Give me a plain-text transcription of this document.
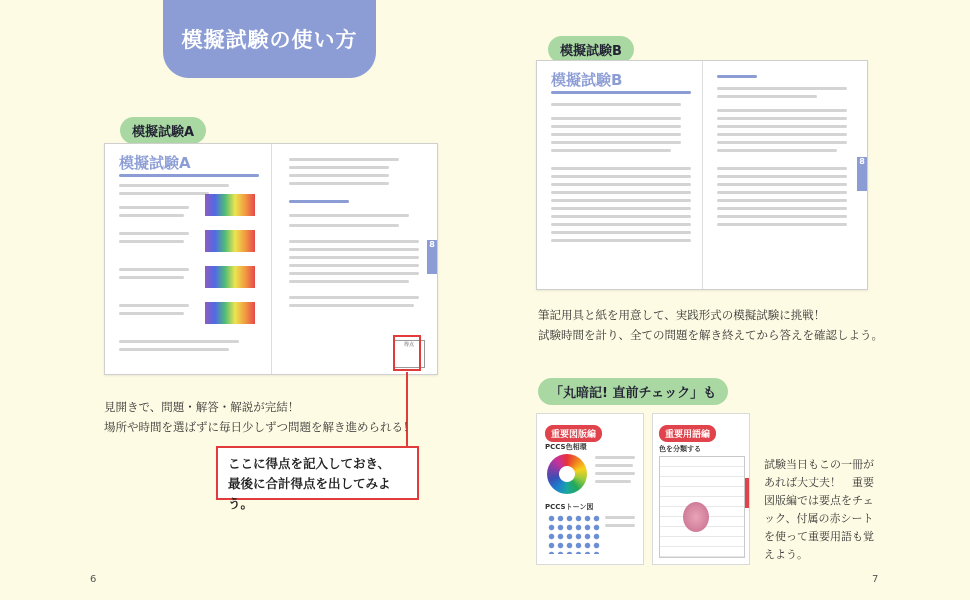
模擬試験の使い方
模擬試験A
模擬試験A
8
得点
見開きで、問題・解答・解説が完結！
場所や時間を選ばずに毎日少しずつ問題を解き進められる！
ここに得点を記入しておき、
最後に合計得点を出してみよう。
模擬試験B
模擬試験B
8
筆記用具と紙を用意して、実践形式の模擬試験に挑戦！
試験時間を計り、全ての問題を解き終えてから答えを確認しよう。
「丸暗記! 直前チェック」も
重要図版編
PCCS色相環
PCCSトーン図
重要用語編
色を分類する
試験当日もこの一冊が
あれば大丈夫！　重要
図版編では要点をチェ
ック、付属の赤シート
を使って重要用語も覚
えよう。
6	7
